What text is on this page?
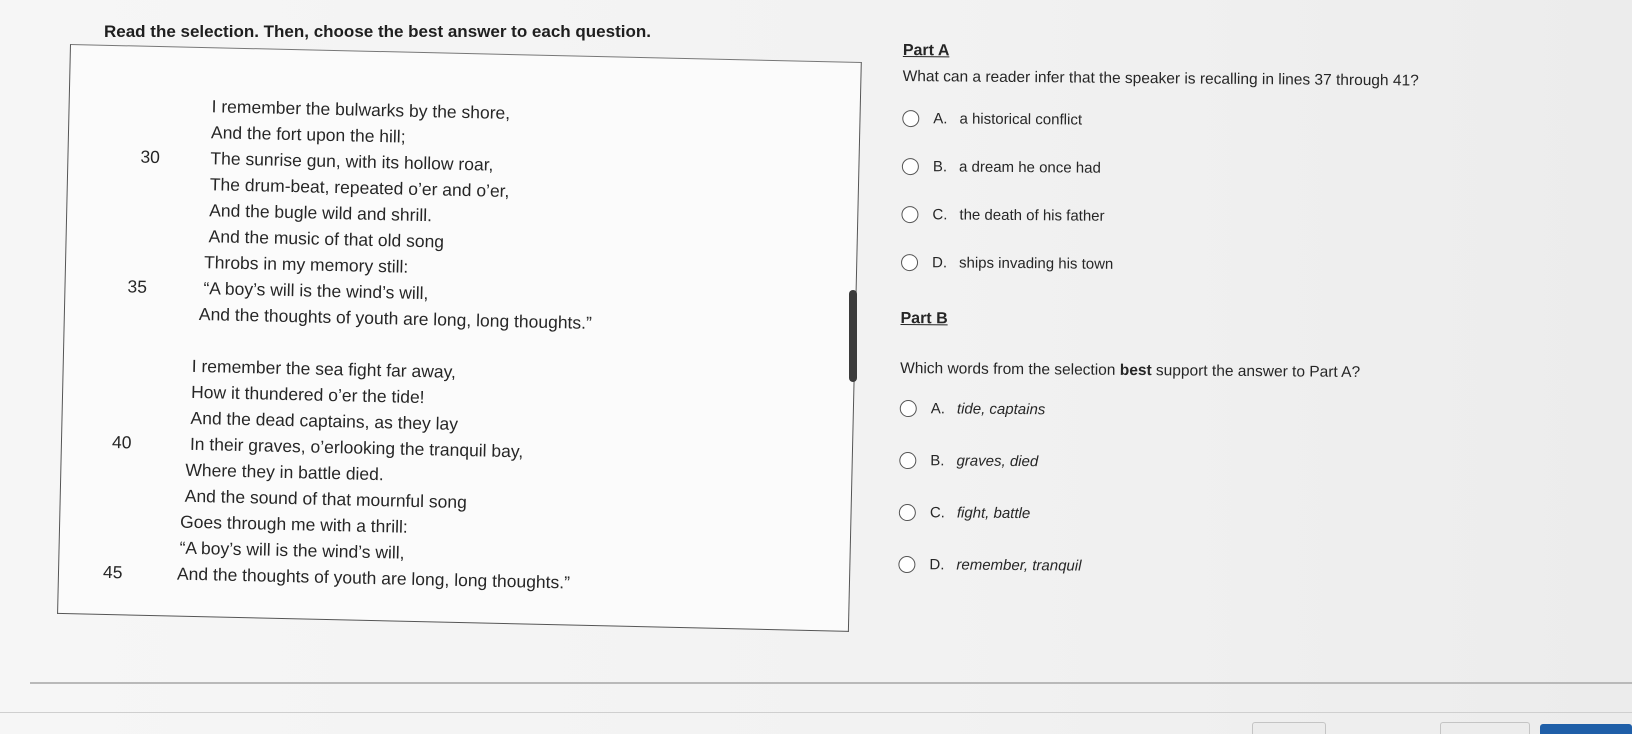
Read the selection. Then, choose the best answer to each question.
I remember the bulwarks by the shore,
And the fort upon the hill;
30	The sunrise gun, with its hollow roar,
The drum-beat, repeated o’er and o’er,
And the bugle wild and shrill.
And the music of that old song
Throbs in my memory still:
35	“A boy’s will is the wind’s will,
And the thoughts of youth are long, long thoughts.”
I remember the sea fight far away,
How it thundered o’er the tide!
And the dead captains, as they lay
40	In their graves, o’erlooking the tranquil bay,
Where they in battle died.
And the sound of that mournful song
Goes through me with a thrill:
“A boy’s will is the wind’s will,
45	And the thoughts of youth are long, long thoughts.”
Part A
What can a reader infer that the speaker is recalling in lines 37 through 41?
A. a historical conflict
B. a dream he once had
C. the death of his father
D. ships invading his town
Part B
Which words from the selection best support the answer to Part A?
A. tide, captains
B. graves, died
C. fight, battle
D. remember, tranquil
